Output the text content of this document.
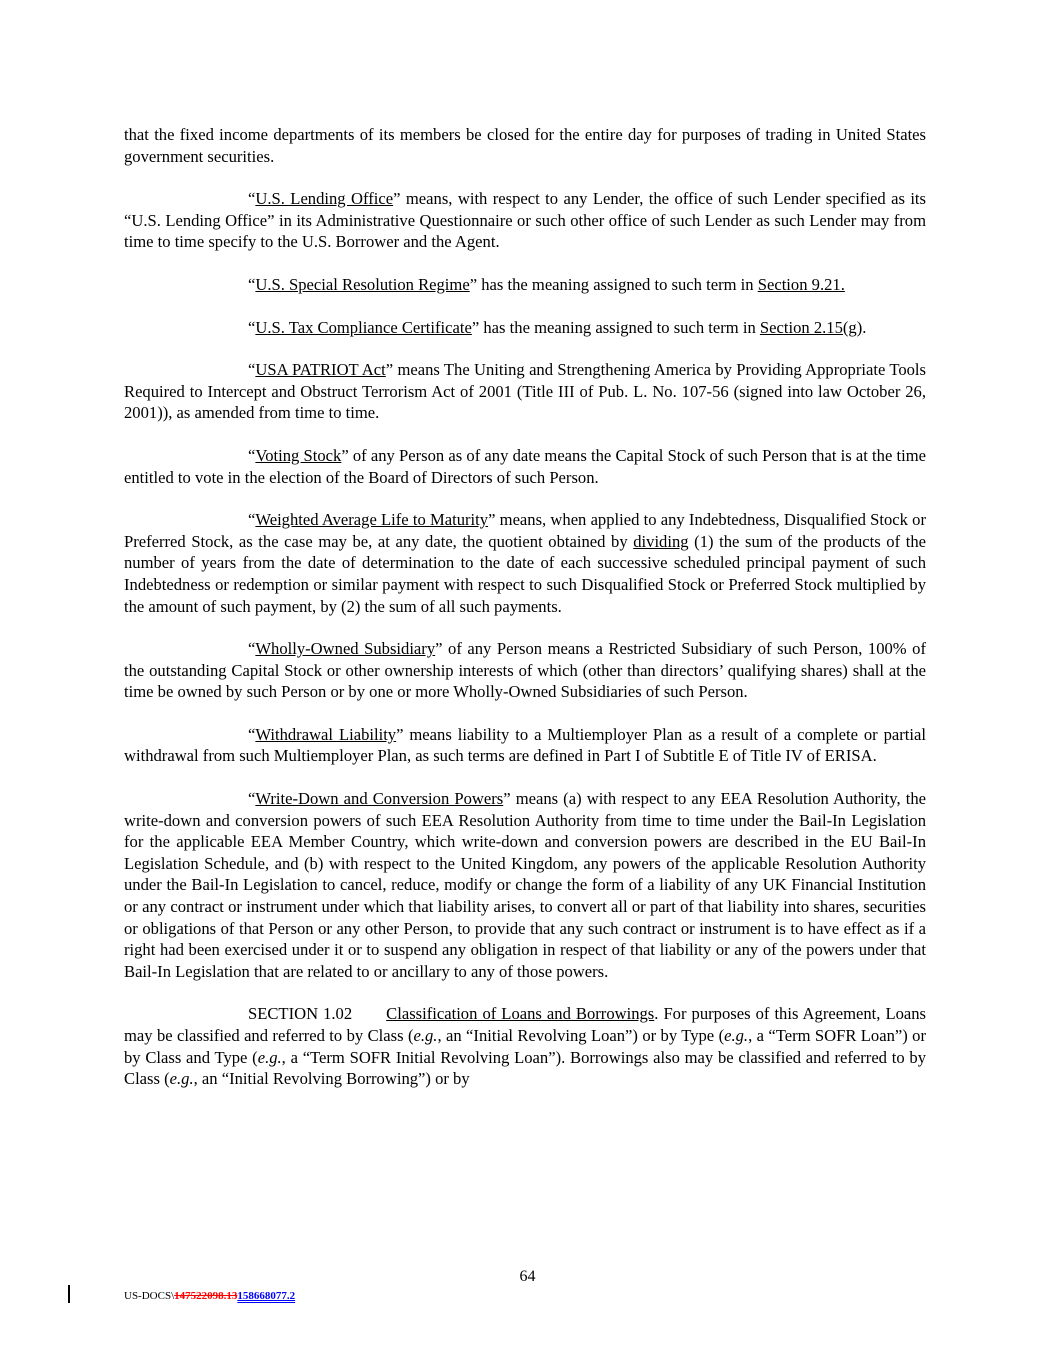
that the fixed income departments of its members be closed for the entire day for purposes of trading in United States government securities.

“U.S. Lending Office” means, with respect to any Lender, the office of such Lender specified as its “U.S. Lending Office” in its Administrative Questionnaire or such other office of such Lender as such Lender may from time to time specify to the U.S. Borrower and the Agent.

“U.S. Special Resolution Regime” has the meaning assigned to such term in Section 9.21.

“U.S. Tax Compliance Certificate” has the meaning assigned to such term in Section 2.15(g).

“USA PATRIOT Act” means The Uniting and Strengthening America by Providing Appropriate Tools Required to Intercept and Obstruct Terrorism Act of 2001 (Title III of Pub. L. No. 107-56 (signed into law October 26, 2001)), as amended from time to time.

“Voting Stock” of any Person as of any date means the Capital Stock of such Person that is at the time entitled to vote in the election of the Board of Directors of such Person.

“Weighted Average Life to Maturity” means, when applied to any Indebtedness, Disqualified Stock or Preferred Stock, as the case may be, at any date, the quotient obtained by dividing (1) the sum of the products of the number of years from the date of determination to the date of each successive scheduled principal payment of such Indebtedness or redemption or similar payment with respect to such Disqualified Stock or Preferred Stock multiplied by the amount of such payment, by (2) the sum of all such payments.

“Wholly-Owned Subsidiary” of any Person means a Restricted Subsidiary of such Person, 100% of the outstanding Capital Stock or other ownership interests of which (other than directors’ qualifying shares) shall at the time be owned by such Person or by one or more Wholly-Owned Subsidiaries of such Person.

“Withdrawal Liability” means liability to a Multiemployer Plan as a result of a complete or partial withdrawal from such Multiemployer Plan, as such terms are defined in Part I of Subtitle E of Title IV of ERISA.

“Write-Down and Conversion Powers” means (a) with respect to any EEA Resolution Authority, the write-down and conversion powers of such EEA Resolution Authority from time to time under the Bail-In Legislation for the applicable EEA Member Country, which write-down and conversion powers are described in the EU Bail-In Legislation Schedule, and (b) with respect to the United Kingdom, any powers of the applicable Resolution Authority under the Bail-In Legislation to cancel, reduce, modify or change the form of a liability of any UK Financial Institution or any contract or instrument under which that liability arises, to convert all or part of that liability into shares, securities or obligations of that Person or any other Person, to provide that any such contract or instrument is to have effect as if a right had been exercised under it or to suspend any obligation in respect of that liability or any of the powers under that Bail-In Legislation that are related to or ancillary to any of those powers.

SECTION 1.02 Classification of Loans and Borrowings. For purposes of this Agreement, Loans may be classified and referred to by Class (e.g., an “Initial Revolving Loan”) or by Type (e.g., a “Term SOFR Loan”) or by Class and Type (e.g., a “Term SOFR Initial Revolving Loan”). Borrowings also may be classified and referred to by Class (e.g., an “Initial Revolving Borrowing”) or by

64
US-DOCS\147522098.13158668077.2
